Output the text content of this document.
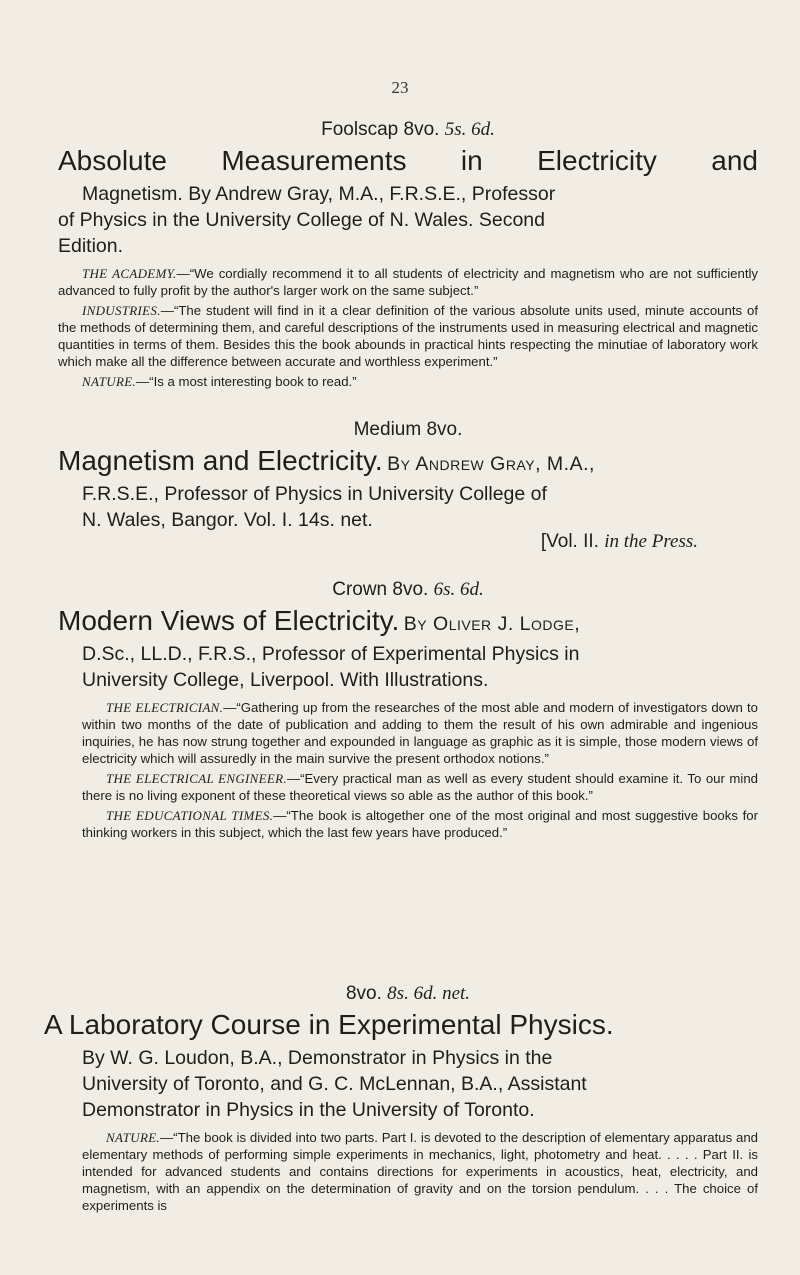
23

Foolscap 8vo. 5s. 6d.

Absolute Measurements in Electricity and

Magnetism. By Andrew Gray, M.A., F.R.S.E., Professor

of Physics in the University College of N. Wales. Second

Edition.

THE ACADEMY.—“We cordially recommend it to all students of electricity and magnetism who are not sufficiently advanced to fully profit by the author's larger work on the same subject.”

INDUSTRIES.—“The student will find in it a clear definition of the various absolute units used, minute accounts of the methods of determining them, and careful descriptions of the instruments used in measuring electrical and magnetic quantities in terms of them. Besides this the book abounds in practical hints respecting the minutiae of laboratory work which make all the difference between accurate and worthless experiment.”

NATURE.—“Is a most interesting book to read.”

Medium 8vo.

Magnetism and Electricity. By Andrew Gray, M.A.,

F.R.S.E., Professor of Physics in University College of

N. Wales, Bangor. Vol. I. 14s. net.

[Vol. II. in the Press.

Crown 8vo. 6s. 6d.

Modern Views of Electricity. By Oliver J. Lodge,

D.Sc., LL.D., F.R.S., Professor of Experimental Physics in

University College, Liverpool. With Illustrations.

THE ELECTRICIAN.—“Gathering up from the researches of the most able and modern of investigators down to within two months of the date of publication and adding to them the result of his own admirable and ingenious inquiries, he has now strung together and expounded in language as graphic as it is simple, those modern views of electricity which will assuredly in the main survive the present orthodox notions.”

THE ELECTRICAL ENGINEER.—“Every practical man as well as every student should examine it. To our mind there is no living exponent of these theoretical views so able as the author of this book.”

THE EDUCATIONAL TIMES.—“The book is altogether one of the most original and most suggestive books for thinking workers in this subject, which the last few years have produced.”

8vo. 8s. 6d. net.

A Laboratory Course in Experimental Physics.

By W. G. Loudon, B.A., Demonstrator in Physics in the

University of Toronto, and G. C. McLennan, B.A., Assistant

Demonstrator in Physics in the University of Toronto.

NATURE.—“The book is divided into two parts. Part I. is devoted to the description of elementary apparatus and elementary methods of performing simple experiments in mechanics, light, photometry and heat. . . . . Part II. is intended for advanced students and contains directions for experiments in acoustics, heat, electricity, and magnetism, with an appendix on the determination of gravity and on the torsion pendulum. . . . The choice of experiments is
